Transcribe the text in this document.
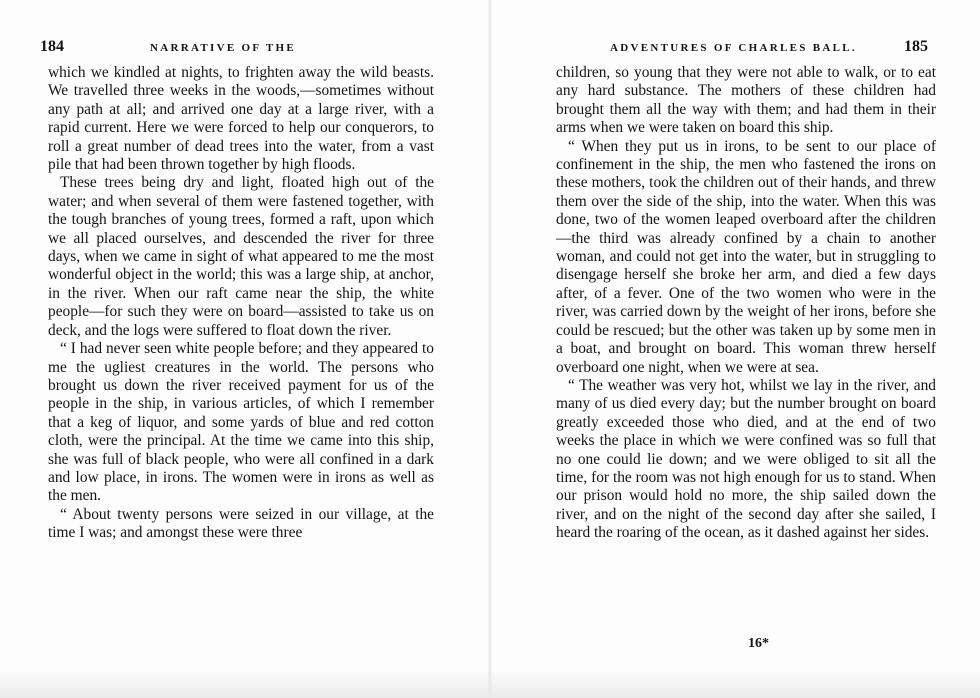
184	NARRATIVE OF THE

which we kindled at nights, to frighten away the wild beasts. We travelled three weeks in the woods,—sometimes without any path at all; and arrived one day at a large river, with a rapid current. Here we were forced to help our conquerors, to roll a great number of dead trees into the water, from a vast pile that had been thrown together by high floods.

These trees being dry and light, floated high out of the water; and when several of them were fastened together, with the tough branches of young trees, formed a raft, upon which we all placed ourselves, and descended the river for three days, when we came in sight of what appeared to me the most wonderful object in the world; this was a large ship, at anchor, in the river. When our raft came near the ship, the white people—for such they were on board—assisted to take us on deck, and the logs were suffered to float down the river.

“ I had never seen white people before; and they appeared to me the ugliest creatures in the world. The persons who brought us down the river received payment for us of the people in the ship, in various articles, of which I remember that a keg of liquor, and some yards of blue and red cotton cloth, were the principal. At the time we came into this ship, she was full of black people, who were all confined in a dark and low place, in irons. The women were in irons as well as the men.

“ About twenty persons were seized in our village, at the time I was; and amongst these were three

ADVENTURES OF CHARLES BALL.	185

children, so young that they were not able to walk, or to eat any hard substance. The mothers of these children had brought them all the way with them; and had them in their arms when we were taken on board this ship.

“ When they put us in irons, to be sent to our place of confinement in the ship, the men who fastened the irons on these mothers, took the children out of their hands, and threw them over the side of the ship, into the water. When this was done, two of the women leaped overboard after the children—the third was already confined by a chain to another woman, and could not get into the water, but in struggling to disengage herself she broke her arm, and died a few days after, of a fever. One of the two women who were in the river, was carried down by the weight of her irons, before she could be rescued; but the other was taken up by some men in a boat, and brought on board. This woman threw herself overboard one night, when we were at sea.

“ The weather was very hot, whilst we lay in the river, and many of us died every day; but the number brought on board greatly exceeded those who died, and at the end of two weeks the place in which we were confined was so full that no one could lie down; and we were obliged to sit all the time, for the room was not high enough for us to stand. When our prison would hold no more, the ship sailed down the river, and on the night of the second day after she sailed, I heard the roaring of the ocean, as it dashed against her sides.

16*
